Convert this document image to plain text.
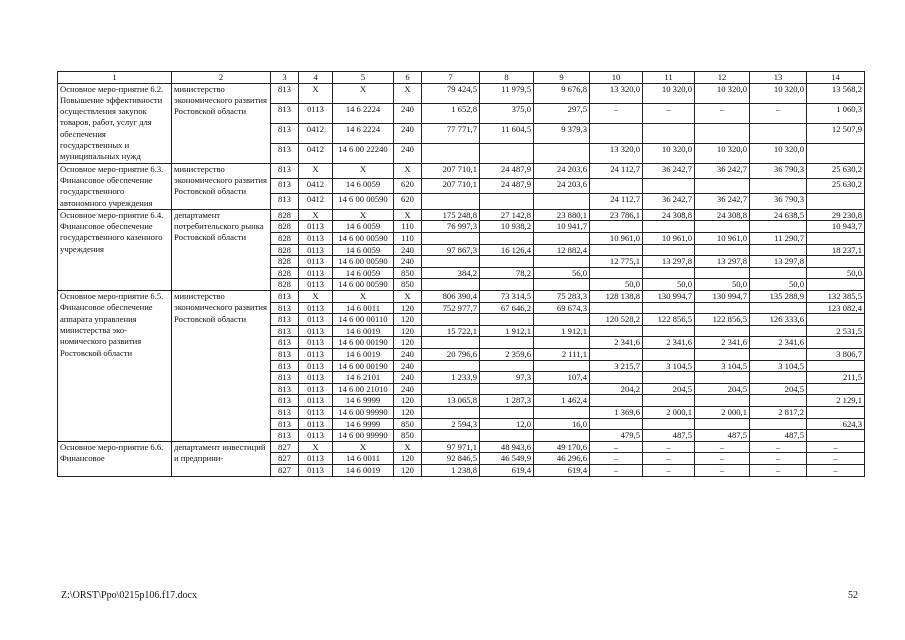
1	2	3	4	5	6	7	8	9	10	11	12	13	14
Основное меро-приятие 6.2. Повышение эффективности осуществления закупок товаров, работ, услуг для обеспечения государственных и муниципальных нужд	министерство экономического развития Ростовской области	813	X	X	X	79 424,5	11 979,5	9 676,8	13 320,0	10 320,0	10 320,0	10 320,0	13 568,2
		813	0113	14 6 2224	240	1 652,8	375,0	297,5	–	–	–	–	1 060,3
		813	0412	14 6 2224	240	77 771,7	11 604,5	9 379,3					12 507,9
		813	0412	14 6 00 22240	240				13 320,0	10 320,0	10 320,0	10 320,0	
Основное меро-приятие 6.3. Финансовое обеспечение государственного автономного учреждения	министерство экономического развития Ростовской области	813	X	X	X	207 710,1	24 487,9	24 203,6	24 112,7	36 242,7	36 242,7	36 790,3	25 630,2
		813	0412	14 6 0059	620	207 710,1	24 487,9	24 203,6					25 630,2
		813	0412	14 6 00 00590	620				24 112,7	36 242,7	36 242,7	36 790,3	
Основное меро-приятие 6.4. Финансовое обеспечение государственного казенного учреждения	департамент потребительского рынка Ростовской области	828	X	X	X	175 248,8	27 142,8	23 880,1	23 786,1	24 308,8	24 308,8	24 638,5	29 230,8
		828	0113	14 6 0059	110	76 997,3	10 938,2	10 941,7					10 943,7
		828	0113	14 6 00 00590	110				10 961,0	10 961,0	10 961,0	11 290,7	
		828	0113	14 6 0059	240	97 867,3	16 126,4	12 882,4					18 237,1
		828	0113	14 6 00 00590	240				12 775,1	13 297,8	13 297,8	13 297,8	
		828	0113	14 6 0059	850	384,2	78,2	56,0					50,0
		828	0113	14 6 00 00590	850				50,0	50,0	50,0	50,0	
Основное меро-приятие 6.5. Финансовое обеспечение аппарата управления министерства эко-номического развития Ростовской области	министерство экономического развития Ростовской области	813	X	X	X	806 390,4	73 314,5	75 283,3	128 138,8	130 994,7	130 994,7	135 288,9	132 385,5
		813	0113	14 6 0011	120	752 977,7	67 646,2	69 674,3					123 082,4
		813	0113	14 6 00 00110	120				120 528,2	122 856,5	122 856,5	126 333,6	
		813	0113	14 6 0019	120	15 722,1	1 912,1	1 912,1					2 531,5
		813	0113	14 6 00 00190	120				2 341,6	2 341,6	2 341,6	2 341,6	
		813	0113	14 6 0019	240	20 796,6	2 359,6	2 111,1					3 806,7
		813	0113	14 6 00 00190	240				3 215,7	3 104,5	3 104,5	3 104,5	
		813	0113	14 6 2101	240	1 233,9	97,3	107,4					211,5
		813	0113	14 6 00 21010	240				204,2	204,5	204,5	204,5	
		813	0113	14 6 9999	120	13 065,8	1 287,3	1 462,4					2 129,1
		813	0113	14 6 00 99990	120				1 369,6	2 000,1	2 000,1	2 817,2	
		813	0113	14 6 9999	850	2 594,3	12,0	16,0					624,3
		813	0113	14 6 00 99990	850				479,5	487,5	487,5	487,5	
Основное меро-приятие 6.6. Финансовое	департамент инвестиций и предприни-	827	X	X	X	97 971,1	48 943,6	49 170,6	–	–	–	–	–
		827	0113	14 6 0011	120	92 846,5	46 549,9	46 296,6	–	–	–	–	–
		827	0113	14 6 0019	120	1 238,8	619,4	619,4	–	–	–	–	–
Z:\ORST\Ppo\0215p106.f17.docx	52
